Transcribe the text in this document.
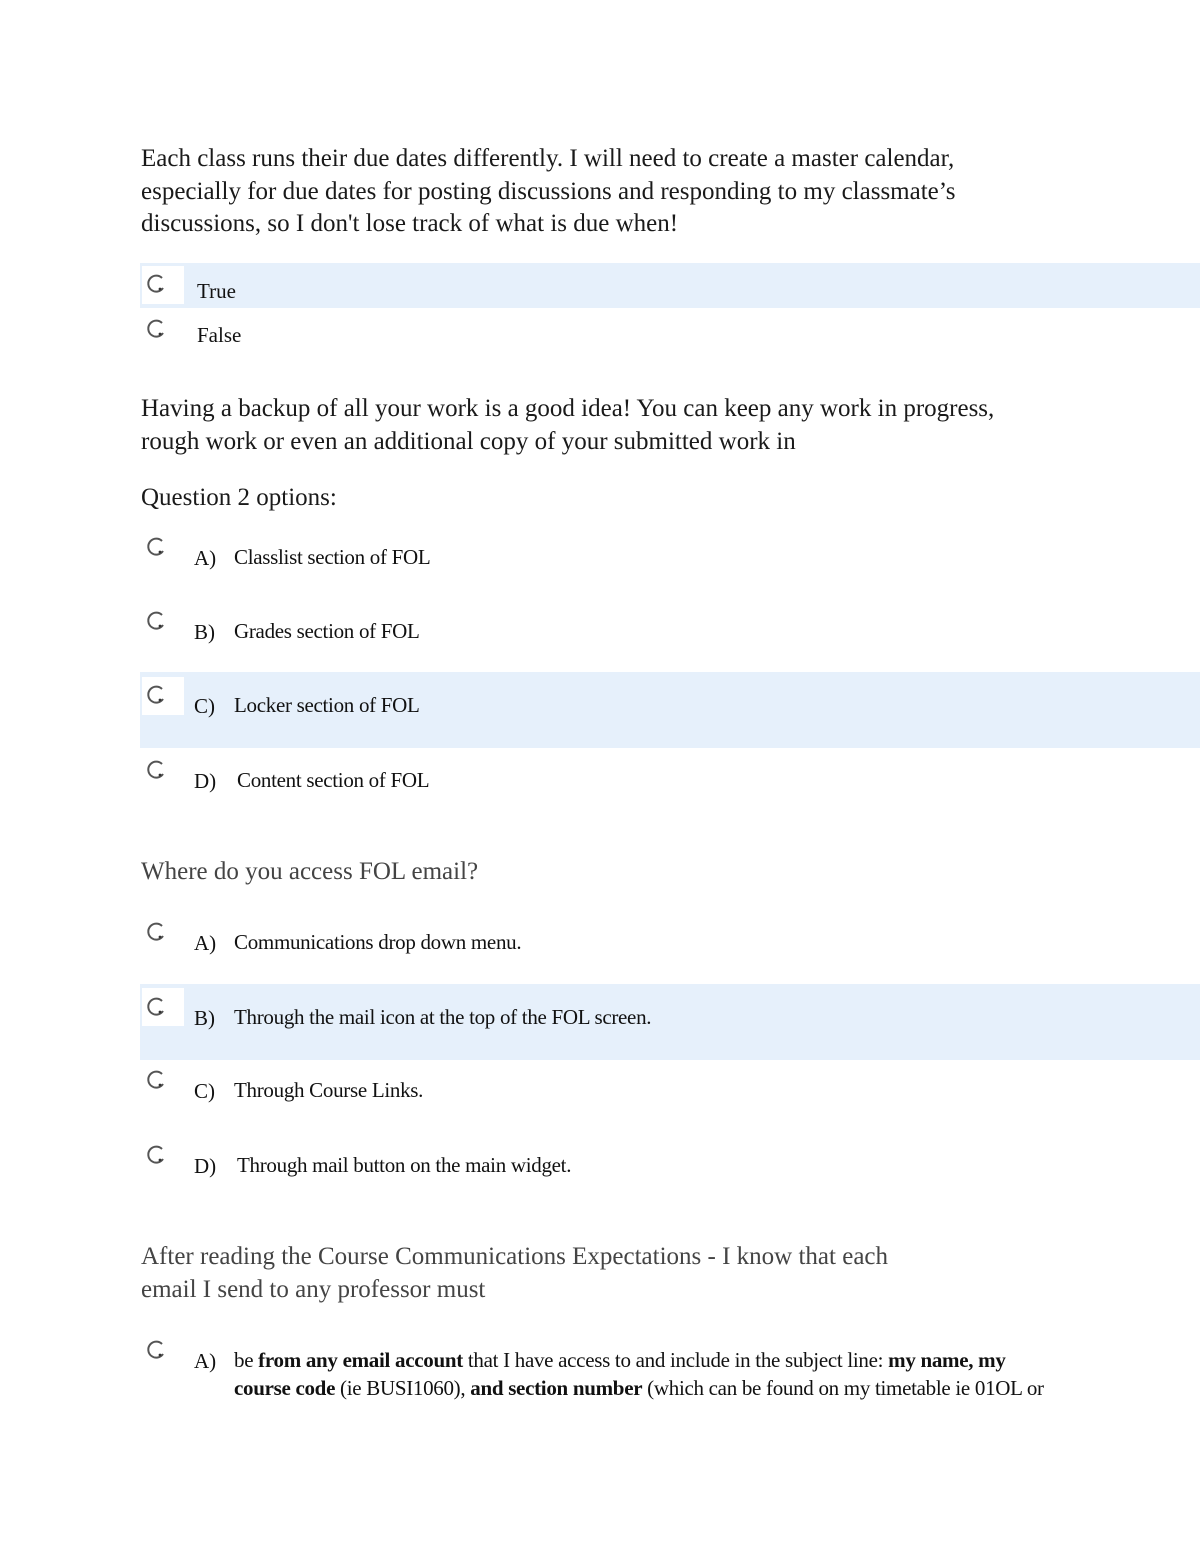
Each class runs their due dates differently. I will need to create a master calendar, especially for due dates for posting discussions and responding to my classmate’s discussions, so I don't lose track of what is due when!

True
False

Having a backup of all your work is a good idea! You can keep any work in progress, rough work or even an additional copy of your submitted work in

Question 2 options:

A) Classlist section of FOL
B) Grades section of FOL
C) Locker section of FOL
D) Content section of FOL

Where do you access FOL email?

A) Communications drop down menu.
B) Through the mail icon at the top of the FOL screen.
C) Through Course Links.
D) Through mail button on the main widget.

After reading the Course Communications Expectations - I know that each

email I send to any professor must

A) be from any email account that I have access to and include in the subject line: my name, my
course code (ie BUSI1060), and section number (which can be found on my timetable ie 01OL or
